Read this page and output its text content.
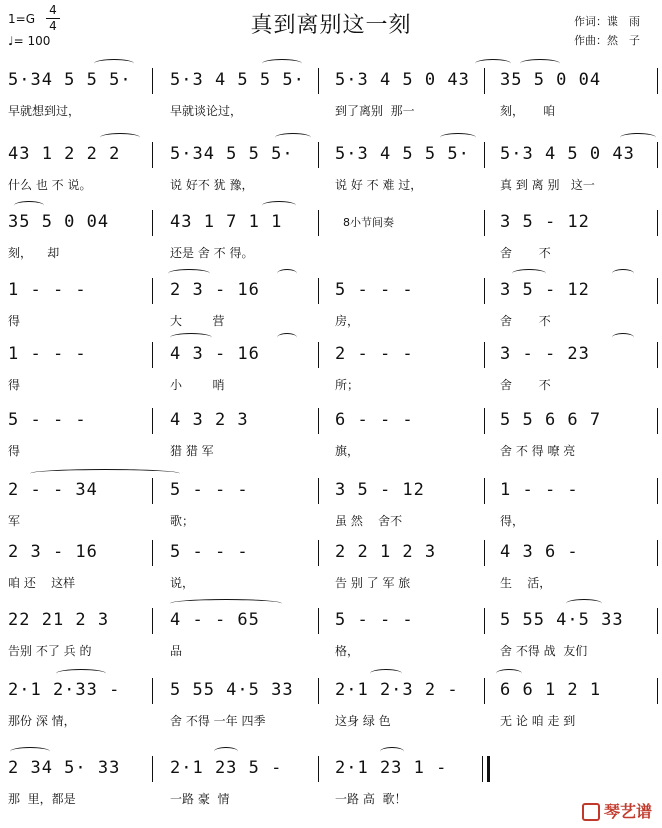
1=G
4
4
♩= 100
真到离别这一刻	作词：谍　雨
作曲：然　子
5·34 5 5 5·
早就想到过，
5·3 4 5 5 5·
早就谈论过，
5·3 4 5 0 43
到了离别  那一
35 5 0 04
刻，     咱
43 1 2 2 2
什么 也 不 说。
5·34 5 5 5·
说 好不 犹 豫，
5·3 4 5 5 5·
说 好 不 难 过，
5·3 4 5 0 43
真 到 离 别   这一
35 5 0 04
刻，    却
43 1 7 1 1
还是 舍 不 得。
8小节间奏	3 5 - 12
舍       不
1 - - -
得
2 3 - 16
大        营
5 - - -
房，
3 5 - 12
舍       不
1 - - -
得
4 3 - 16
小        哨
2 - - -
所；
3 - - 23
舍       不
5 - - -
得
4 3 2 3
猎 猎 军
6 - - -
旗，
5 5 6 6 7
舍 不 得 嘹 亮
2 - - 34
军
5 - - -
歌；
3 5 - 12
虽 然    舍不
1 - - -
得，
2 3 - 16
咱 还    这样
5 - - -
说，
2 2 1 2 3
告 别 了 军 旅
4 3 6 -
生    活，
22 21 2 3
告别 不了 兵 的
4 - - 65
品
5 - - -
格，
5 55 4·5 33
舍 不得 战  友们
2·1 2·33 -
那份 深 情，
5 55 4·5 33
舍 不得 一年 四季
2·1 2·3 2 -
这身 绿 色
6 6 1 2 1
无 论 咱 走 到
2 34 5· 33
那  里，都是
2·1 23 5 -
一路 豪  情
2·1 23 1 -
一路 高  歌！
琴艺谱
